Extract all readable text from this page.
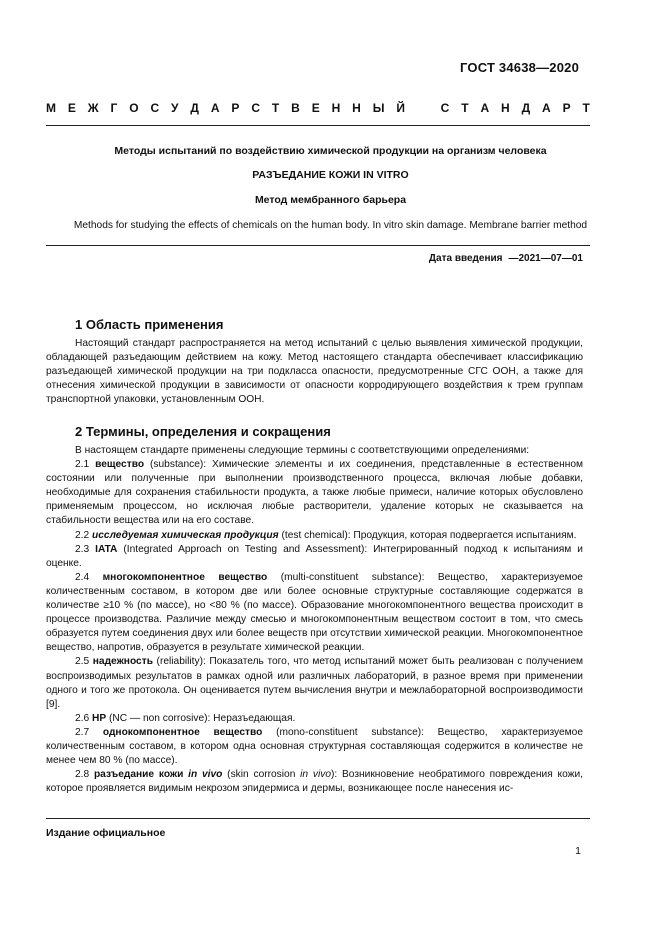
ГОСТ 34638—2020
М Е Ж Г О С У Д А Р С Т В Е Н Н Ы Й	С Т А Н Д А Р Т
Методы испытаний по воздействию химической продукции на организм человека
РАЗЪЕДАНИЕ КОЖИ IN VITRO
Метод мембранного барьера
Methods for studying the effects of chemicals on the human body. In vitro skin damage. Membrane barrier method
Дата введения —2021—07—01
1 Область применения

Настоящий стандарт распространяется на метод испытаний с целью выявления химической продукции, обладающей разъедающим действием на кожу. Метод настоящего стандарта обеспечивает классификацию разъедающей химической продукции на три подкласса опасности, предусмотренные СГС ООН, а также для отнесения химической продукции в зависимости от опасности корродирующего воздействия к трем группам транспортной упаковки, установленным ООН.

2 Термины, определения и сокращения

В настоящем стандарте применены следующие термины с соответствующими определениями:

2.1 вещество (substance): Химические элементы и их соединения, представленные в естественном состоянии или полученные при выполнении производственного процесса, включая любые добавки, необходимые для сохранения стабильности продукта, а также любые примеси, наличие которых обусловлено применяемым процессом, но исключая любые растворители, удаление которых не сказывается на стабильности вещества или на его составе.

2.2 исследуемая химическая продукция (test chemical): Продукция, которая подвергается испытаниям.

2.3 IATA (Integrated Approach on Testing and Assessment): Интегрированный подход к испытаниям и оценке.

2.4 многокомпонентное вещество (multi-constituent substance): Вещество, характеризуемое количественным составом, в котором две или более основные структурные составляющие содержатся в количестве ≥10 % (по массе), но <80 % (по массе). Образование многокомпонентного вещества происходит в процессе производства. Различие между смесью и многокомпонентным веществом состоит в том, что смесь образуется путем соединения двух или более веществ при отсутствии химической реакции. Многокомпонентное вещество, напротив, образуется в результате химической реакции.

2.5 надежность (reliability): Показатель того, что метод испытаний может быть реализован с получением воспроизводимых результатов в рамках одной или различных лабораторий, в разное время при применении одного и того же протокола. Он оценивается путем вычисления внутри и межлабораторной воспроизводимости [9].

2.6 НР (NC — non corrosive): Неразъедающая.

2.7 однокомпонентное вещество (mono-constituent substance): Вещество, характеризуемое количественным составом, в котором одна основная структурная составляющая содержится в количестве не менее чем 80 % (по массе).

2.8 разъедание кожи in vivo (skin corrosion in vivo): Возникновение необратимого повреждения кожи, которое проявляется видимым некрозом эпидермиса и дермы, возникающее после нанесения ис-

Издание официальное
1
